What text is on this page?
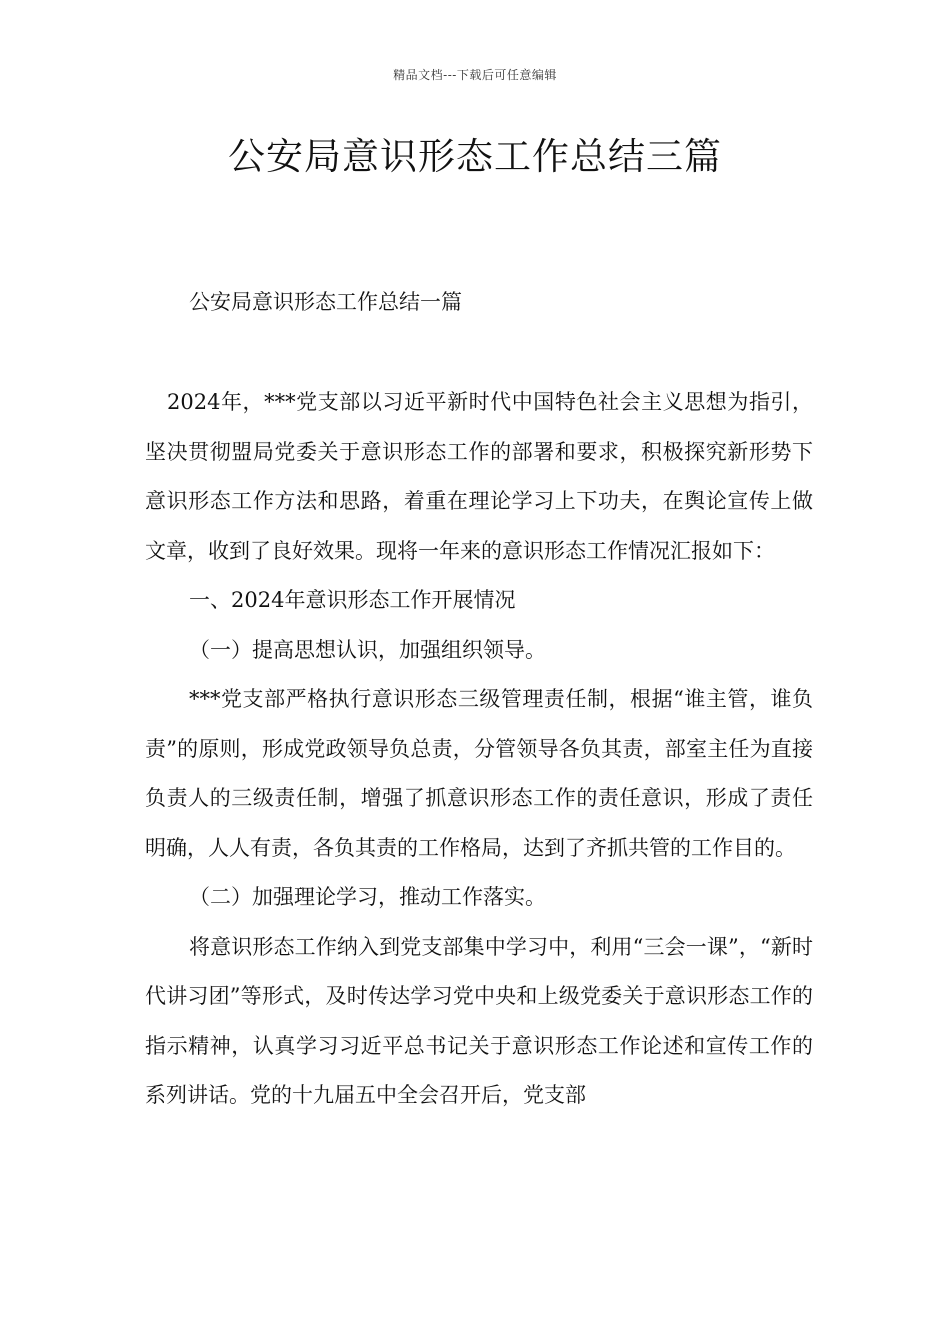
精品文档---下载后可任意编辑
公安局意识形态工作总结三篇

公安局意识形态工作总结一篇

2024年，***党支部以习近平新时代中国特色社会主义思想为指引，坚决贯彻盟局党委关于意识形态工作的部署和要求，积极探究新形势下意识形态工作方法和思路，着重在理论学习上下功夫，在舆论宣传上做文章，收到了良好效果。现将一年来的意识形态工作情况汇报如下：

一、2024年意识形态工作开展情况

（一）提高思想认识，加强组织领导。

***党支部严格执行意识形态三级管理责任制，根据“谁主管，谁负责”的原则，形成党政领导负总责，分管领导各负其责，部室主任为直接负责人的三级责任制，增强了抓意识形态工作的责任意识，形成了责任明确，人人有责，各负其责的工作格局，达到了齐抓共管的工作目的。

（二）加强理论学习，推动工作落实。

将意识形态工作纳入到党支部集中学习中，利用“三会一课”，“新时代讲习团”等形式，及时传达学习党中央和上级党委关于意识形态工作的指示精神，认真学习习近平总书记关于意识形态工作论述和宣传工作的系列讲话。党的十九届五中全会召开后，党支部
